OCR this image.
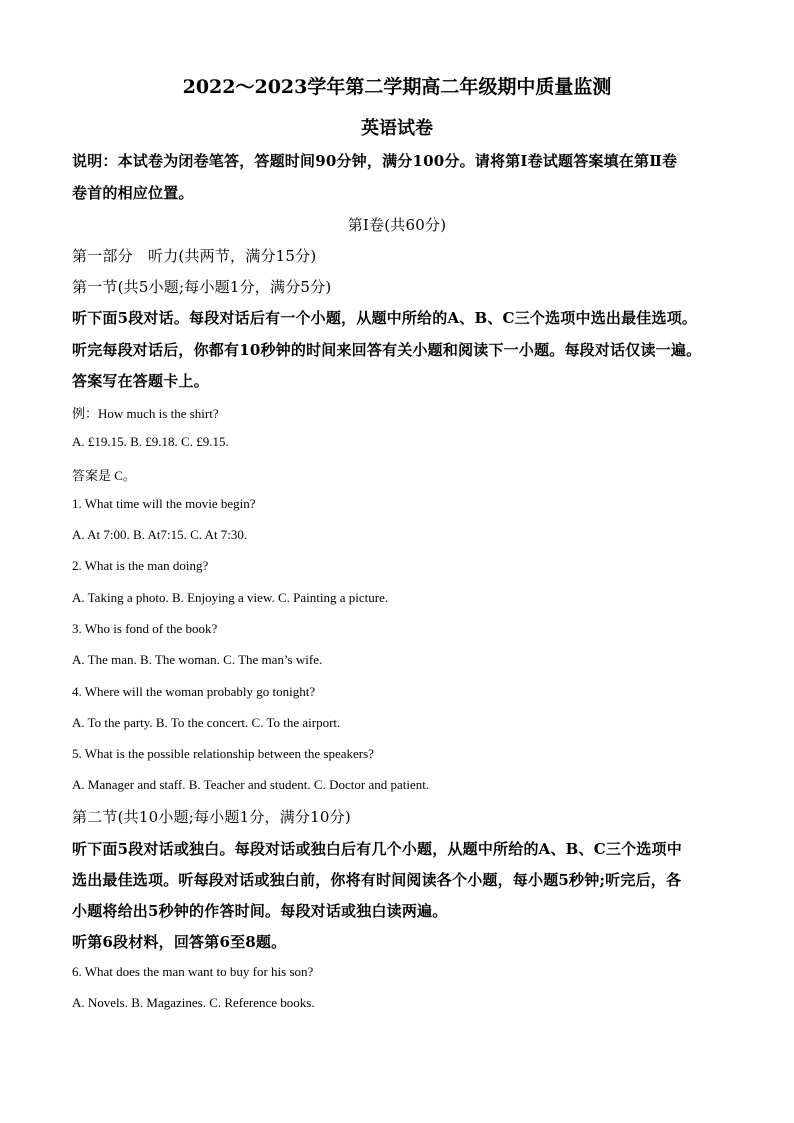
2022～2023学年第二学期高二年级期中质量监测
英语试卷
说明：本试卷为闭卷笔答，答题时间90分钟，满分100分。请将第Ⅰ卷试题答案填在第Ⅱ卷
卷首的相应位置。
第Ⅰ卷(共60分)
第一部分　听力(共两节，满分15分)
第一节(共5小题;每小题1分，满分5分)
听下面5段对话。每段对话后有一个小题，从题中所给的A、B、C三个选项中选出最佳选项。
听完每段对话后，你都有10秒钟的时间来回答有关小题和阅读下一小题。每段对话仅读一遍。
答案写在答题卡上。
例：How much is the shirt?
A. £19.15. B. £9.18. C. £9.15.
答案是 C。
1. What time will the movie begin?
A. At 7:00. B. At7:15. C. At 7:30.
2. What is the man doing?
A. Taking a photo. B. Enjoying a view. C. Painting a picture.
3. Who is fond of the book?
A. The man. B. The woman. C. The man’s wife.
4. Where will the woman probably go tonight?
A. To the party. B. To the concert. C. To the airport.
5. What is the possible relationship between the speakers?
A. Manager and staff. B. Teacher and student. C. Doctor and patient.
第二节(共10小题;每小题1分，满分10分)
听下面5段对话或独白。每段对话或独白后有几个小题，从题中所给的A、B、C三个选项中
选出最佳选项。听每段对话或独白前，你将有时间阅读各个小题，每小题5秒钟;听完后，各
小题将给出5秒钟的作答时间。每段对话或独白读两遍。
听第6段材料，回答第6至8题。
6. What does the man want to buy for his son?
A. Novels. B. Magazines. C. Reference books.
